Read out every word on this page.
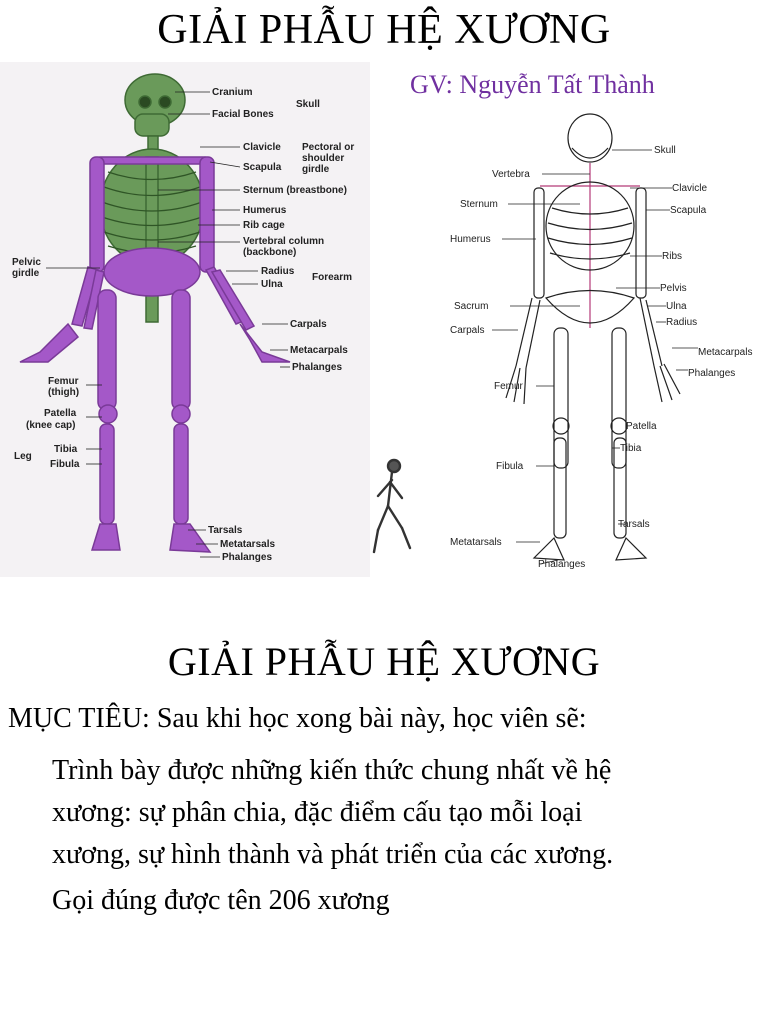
GIẢI PHẪU HỆ XƯƠNG
GV: Nguyễn Tất Thành
Cranium
Facial Bones
Skull
Clavicle
Scapula
Pectoral or
shoulder
girdle
Sternum (breastbone)
Humerus
Rib cage
Vertebral column
(backbone)
Radius
Ulna
Forearm
Pelvic
girdle
Carpals
Metacarpals
Phalanges
Femur
(thigh)
Patella
(knee cap)
Leg
Tibia
Fibula
Tarsals
Metatarsals
Phalanges
Skull
Vertebra
Clavicle
Sternum
Scapula
Humerus
Ribs
Pelvis
Sacrum	Ulna
Carpals
Radius
Metacarpals
Phalanges
Femur
Patella
Tibia
Fibula
Tarsals
Metatarsals
Phalanges
GIẢI PHẪU HỆ XƯƠNG
MỤC TIÊU: Sau khi học xong bài này, học viên sẽ:
Trình bày được những kiến thức chung nhất về hệ
xương: sự phân chia, đặc điểm cấu tạo mỗi loại
xương, sự hình thành và phát triển của các xương.
Gọi đúng được tên 206 xương
